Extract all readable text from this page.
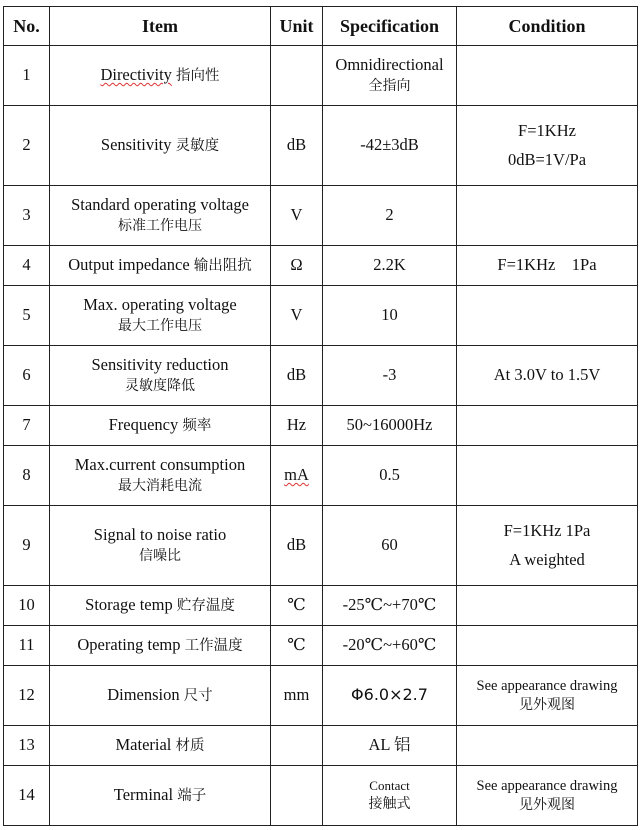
No.	Item	Unit	Specification	Condition
1	Directivity 指向性		Omnidirectional
全指向	

2	Sensitivity 灵敏度	dB	-42±3dB	F=1KHz
0dB=1V/Pa

3	Standard operating voltage
标准工作电压	V	2	
4	Output impedance 输出阻抗	Ω	2.2K	F=1KHz    1Pa
5	Max. operating voltage
最大工作电压	V	10	
6	Sensitivity reduction
灵敏度降低	dB	-3	At 3.0V to 1.5V
7	Frequency 频率	Hz	50~16000Hz	
8	Max.current consumption
最大消耗电流	mA	0.5	
9	Signal to noise ratio
信噪比	dB	60	F=1KHz 1Pa
A weighted

10	Storage temp 贮存温度	℃	-25℃~+70℃	
11	Operating temp 工作温度	℃	-20℃~+60℃	
12	Dimension 尺寸	mm	Φ6.0×2.7	See appearance drawing
见外观图

13	Material 材质		AL 铝	
14	Terminal 端子		Contact
接触式	See appearance drawing
见外观图
